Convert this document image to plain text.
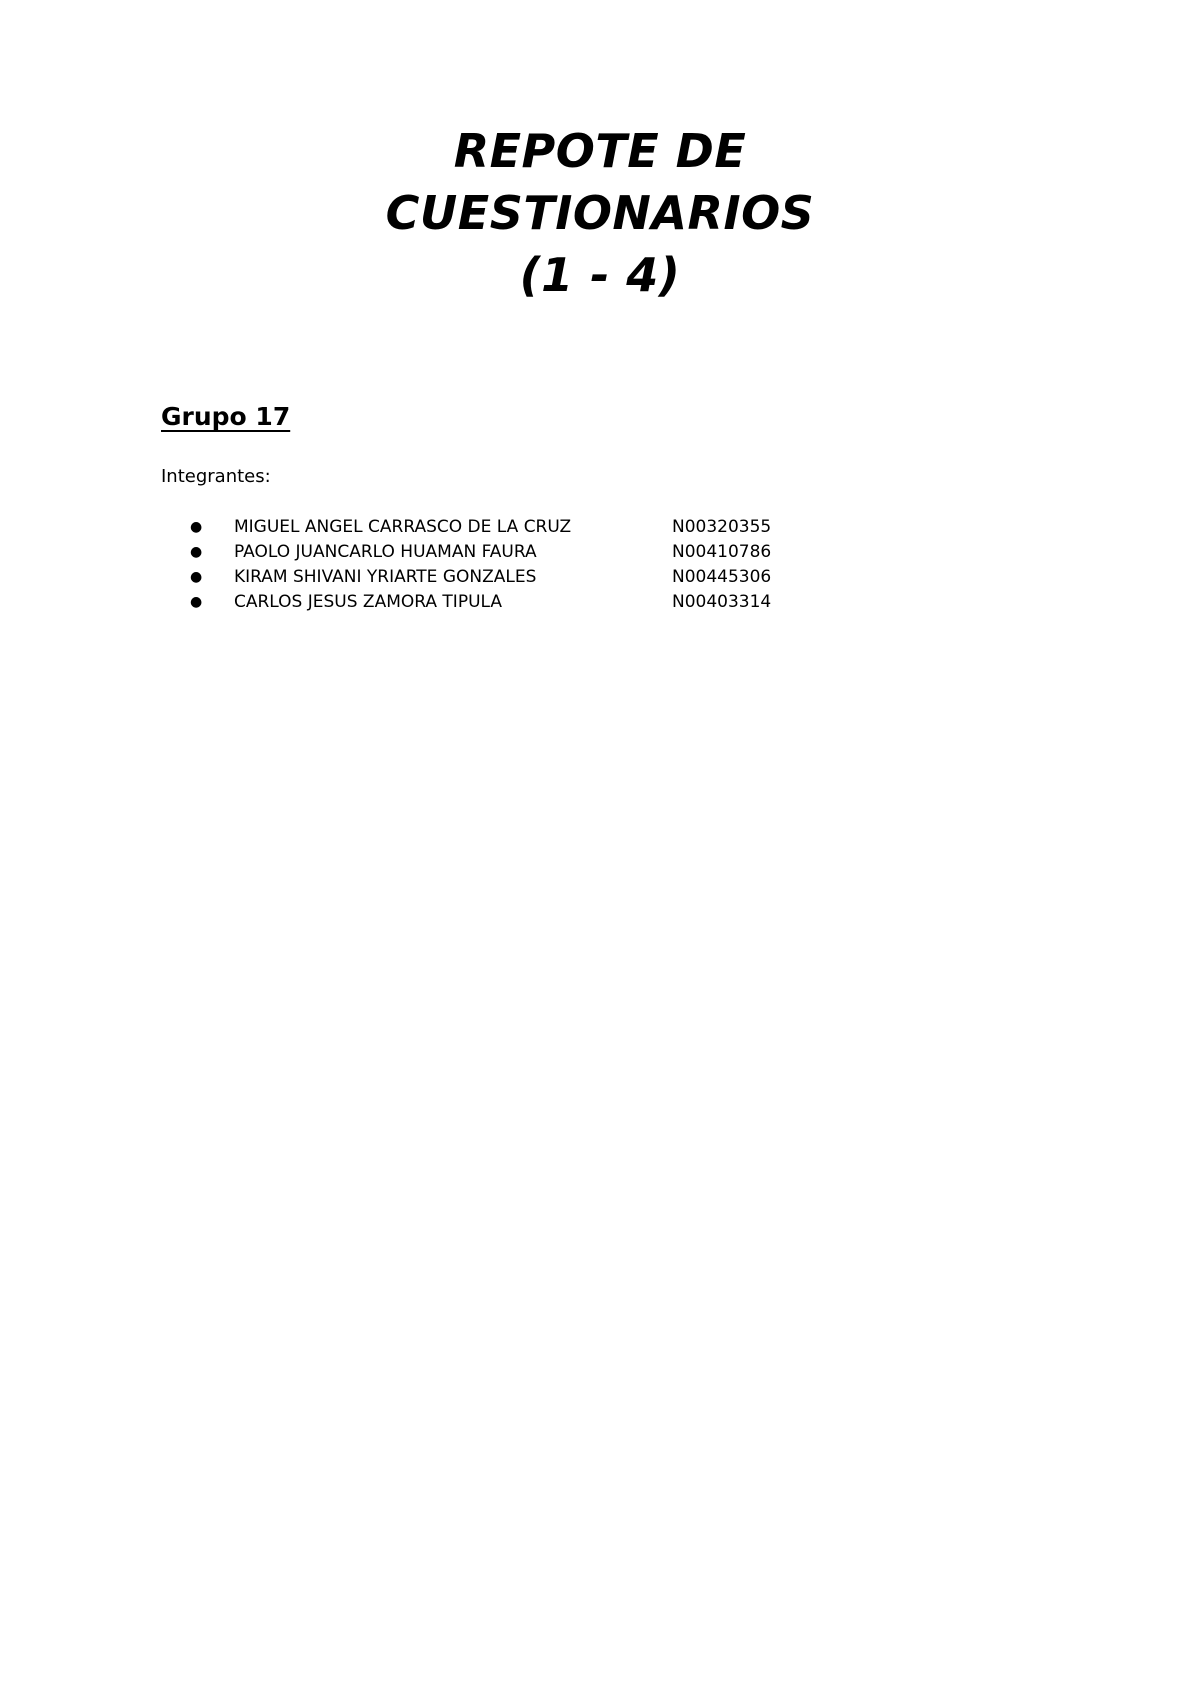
REPOTE DE
CUESTIONARIOS
(1 - 4)
Grupo 17

Integrantes:

●	MIGUEL ANGEL CARRASCO DE LA CRUZ	N00320355
●	PAOLO JUANCARLO HUAMAN FAURA	N00410786
●	KIRAM SHIVANI YRIARTE GONZALES	N00445306
●	CARLOS JESUS ZAMORA TIPULA	N00403314
